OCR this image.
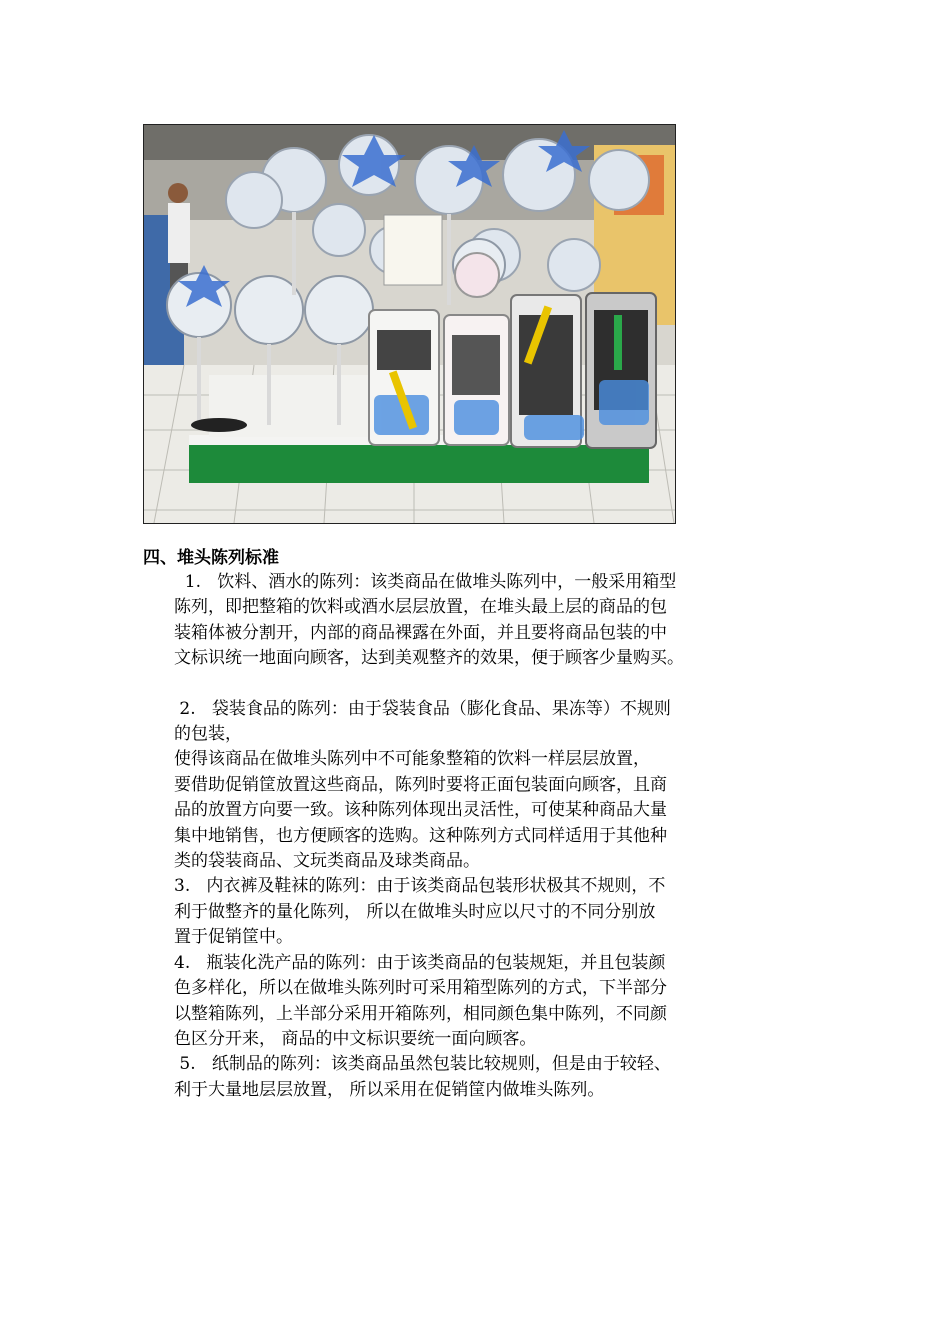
四、堆头陈列标准

1.   饮料、酒水的陈列：该类商品在做堆头陈列中，一般采用箱型

陈列，即把整箱的饮料或酒水层层放置，在堆头最上层的商品的包

装箱体被分割开，内部的商品裸露在外面，并且要将商品包装的中

文标识统一地面向顾客，达到美观整齐的效果，便于顾客少量购买。

2.   袋装食品的陈列：由于袋装食品（膨化食品、果冻等）不规则

的包装，

使得该商品在做堆头陈列中不可能象整箱的饮料一样层层放置，

要借助促销筐放置这些商品，陈列时要将正面包装面向顾客，且商

品的放置方向要一致。该种陈列体现出灵活性，可使某种商品大量

集中地销售，也方便顾客的选购。这种陈列方式同样适用于其他种

类的袋装商品、文玩类商品及球类商品。

3.   内衣裤及鞋袜的陈列：由于该类商品包装形状极其不规则，不

利于做整齐的量化陈列， 所以在做堆头时应以尺寸的不同分别放

置于促销筐中。

4.   瓶装化洗产品的陈列：由于该类商品的包装规矩，并且包装颜

色多样化，所以在做堆头陈列时可采用箱型陈列的方式，下半部分

以整箱陈列，上半部分采用开箱陈列，相同颜色集中陈列，不同颜

色区分开来， 商品的中文标识要统一面向顾客。

5.   纸制品的陈列：该类商品虽然包装比较规则，但是由于较轻、

利于大量地层层放置， 所以采用在促销筐内做堆头陈列。
